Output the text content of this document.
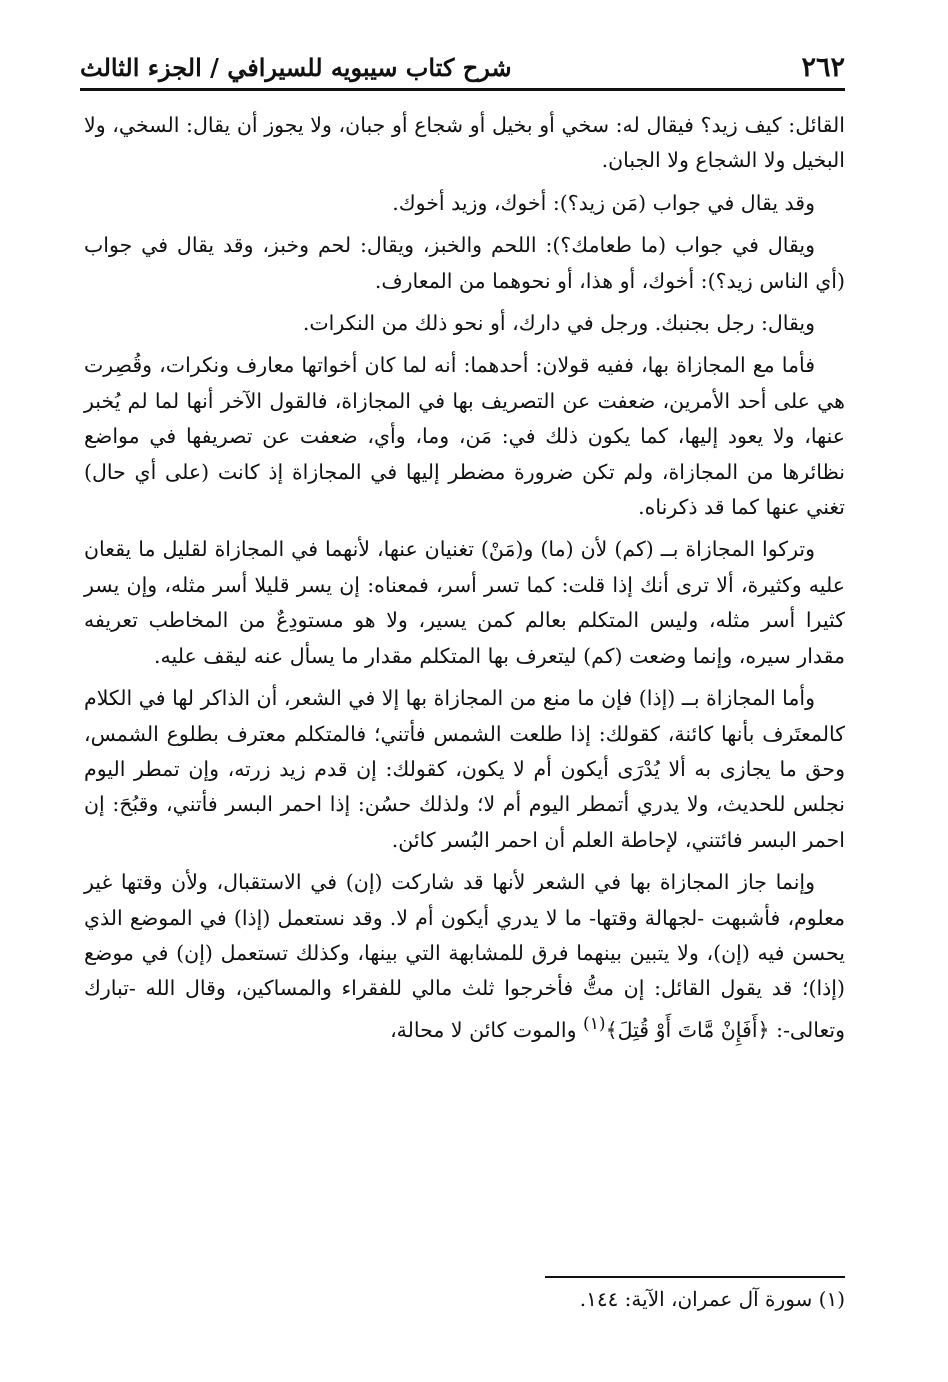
٢٦٢
شرح كتاب سيبويه للسيرافي / الجزء الثالث

القائل: كيف زيد؟ فيقال له: سخي أو بخيل أو شجاع أو جبان، ولا يجوز أن يقال: السخي، ولا البخيل ولا الشجاع ولا الجبان.

وقد يقال في جواب (مَن زيد؟): أخوك، وزيد أخوك.

ويقال في جواب (ما طعامك؟): اللحم والخبز، ويقال: لحم وخبز، وقد يقال في جواب (أي الناس زيد؟): أخوك، أو هذا، أو نحوهما من المعارف.

ويقال: رجل بجنبك. ورجل في دارك، أو نحو ذلك من النكرات.

فأما مع المجازاة بها، ففيه قولان: أحدهما: أنه لما كان أخواتها معارف ونكرات، وقُصِرت هي على أحد الأمرين، ضعفت عن التصريف بها في المجازاة، فالقول الآخر أنها لما لم يُخبر عنها، ولا يعود إليها، كما يكون ذلك في: مَن، وما، وأي، ضعفت عن تصريفها في مواضع نظائرها من المجازاة، ولم تكن ضرورة مضطر إليها في المجازاة إذ كانت (على أي حال) تغني عنها كما قد ذكرناه.

وتركوا المجازاة بــ (كم) لأن (ما) و(مَنْ) تغنيان عنها، لأنهما في المجازاة لقليل ما يقعان عليه وكثيرة، ألا ترى أنك إذا قلت: كما تسر أسر، فمعناه: إن يسر قليلا أسر مثله، وإن يسر كثيرا أسر مثله، وليس المتكلم بعالم كمن يسير، ولا هو مستودِعٌ من المخاطب تعريفه مقدار سيره، وإنما وضعت (كم) ليتعرف بها المتكلم مقدار ما يسأل عنه ليقف عليه.

وأما المجازاة بــ (إذا) فإن ما منع من المجازاة بها إلا في الشعر، أن الذاكر لها في الكلام كالمعتَرف بأنها كائنة، كقولك: إذا طلعت الشمس فأتني؛ فالمتكلم معترف بطلوع الشمس، وحق ما يجازى به ألا يُدْرَى أيكون أم لا يكون، كقولك: إن قدم زيد زرته، وإن تمطر اليوم نجلس للحديث، ولا يدري أتمطر اليوم أم لا؛ ولذلك حسُن: إذا احمر البسر فأتني، وقبُحَ: إن احمر البسر فائتني، لإحاطة العلم أن احمر البُسر كائن.

وإنما جاز المجازاة بها في الشعر لأنها قد شاركت (إن) في الاستقبال، ولأن وقتها غير معلوم، فأشبهت -لجهالة وقتها- ما لا يدري أيكون أم لا. وقد نستعمل (إذا) في الموضع الذي يحسن فيه (إن)، ولا يتبين بينهما فرق للمشابهة التي بينها، وكذلك تستعمل (إن) في موضع (إذا)؛ قد يقول القائل: إن متُّ فأخرجوا ثلث مالي للفقراء والمساكين، وقال الله -تبارك وتعالى-: ﴿أَفَإِنْ مَّاتَ أَوْ قُتِلَ﴾$^{(١)}$ والموت كائن لا محالة،

(١) سورة آل عمران، الآية: ١٤٤.
